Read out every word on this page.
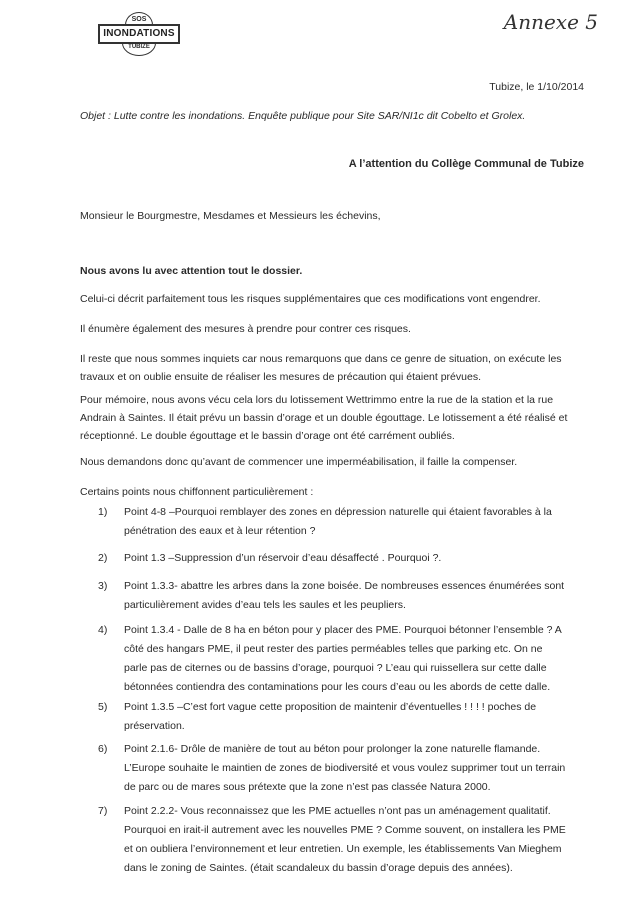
SOS
INONDATIONS
TUBIZE
Annexe 5
Tubize, le 1/10/2014
Objet : Lutte contre les inondations. Enquête publique pour Site SAR/NI1c dit Cobelto et Grolex.
A l’attention du Collège Communal de Tubize
Monsieur le Bourgmestre, Mesdames et Messieurs les échevins,
Nous avons lu avec attention tout le dossier.
Celui-ci décrit parfaitement tous les risques supplémentaires que ces modifications vont engendrer.
Il énumère également des mesures à prendre pour contrer ces risques.
Il reste que nous sommes inquiets car nous remarquons que dans ce genre de situation, on exécute les travaux et on oublie ensuite de réaliser les mesures de précaution qui étaient prévues.
Pour mémoire, nous avons vécu cela lors du lotissement Wettrimmo entre la rue de la station et la rue Andrain à Saintes. Il était prévu un bassin d’orage et un double égouttage. Le lotissement a été réalisé et réceptionné. Le double égouttage et le bassin d’orage ont été carrément oubliés.
Nous demandons donc qu’avant de commencer une imperméabilisation, il faille la compenser.
Certains points nous chiffonnent particulièrement :
1)	Point 4-8 –Pourquoi remblayer des zones en dépression naturelle qui étaient favorables à la pénétration des eaux et à leur rétention ?
2)	Point 1.3 –Suppression d’un réservoir d’eau désaffecté . Pourquoi ?.
3)	Point 1.3.3- abattre les arbres dans la zone boisée. De nombreuses essences énumérées sont particulièrement avides d’eau tels les saules et les peupliers.
4)	Point 1.3.4 - Dalle de 8 ha en béton pour y placer des PME. Pourquoi bétonner l’ensemble ? A côté des hangars PME, il peut rester des parties perméables telles que parking etc. On ne parle pas de citernes ou de bassins d’orage, pourquoi ? L’eau qui ruissellera sur cette dalle bétonnées contiendra des contaminations pour les cours d’eau ou les abords de cette dalle.
5)	Point 1.3.5 –C’est fort vague cette proposition de maintenir d’éventuelles ! ! ! ! poches de préservation.
6)	Point 2.1.6- Drôle de manière de tout au béton pour prolonger la zone naturelle flamande. L’Europe souhaite le maintien de zones de biodiversité et vous voulez supprimer tout un terrain de parc ou de mares sous prétexte que la zone n’est pas classée Natura 2000.
7)	Point 2.2.2- Vous reconnaissez que les PME actuelles n’ont pas un aménagement qualitatif. Pourquoi en irait-il autrement avec les nouvelles PME ? Comme souvent, on installera les PME et on oubliera l’environnement et leur entretien. Un exemple, les établissements Van Mieghem dans le zoning de Saintes. (était scandaleux du bassin d’orage depuis des années).
